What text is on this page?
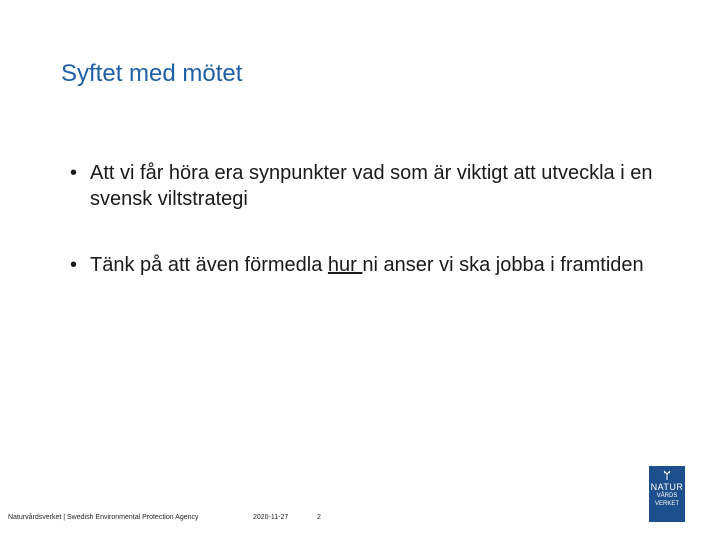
Syftet med mötet
• Att vi får höra era synpunkter vad som är viktigt att utveckla i en svensk viltstrategi
• Tänk på att även förmedla hur ni anser vi ska jobba i framtiden
Naturvårdsverket | Swedish Environmental Protection Agency	2020-11-27	2
NATUR
VÅRDS
VERKET
